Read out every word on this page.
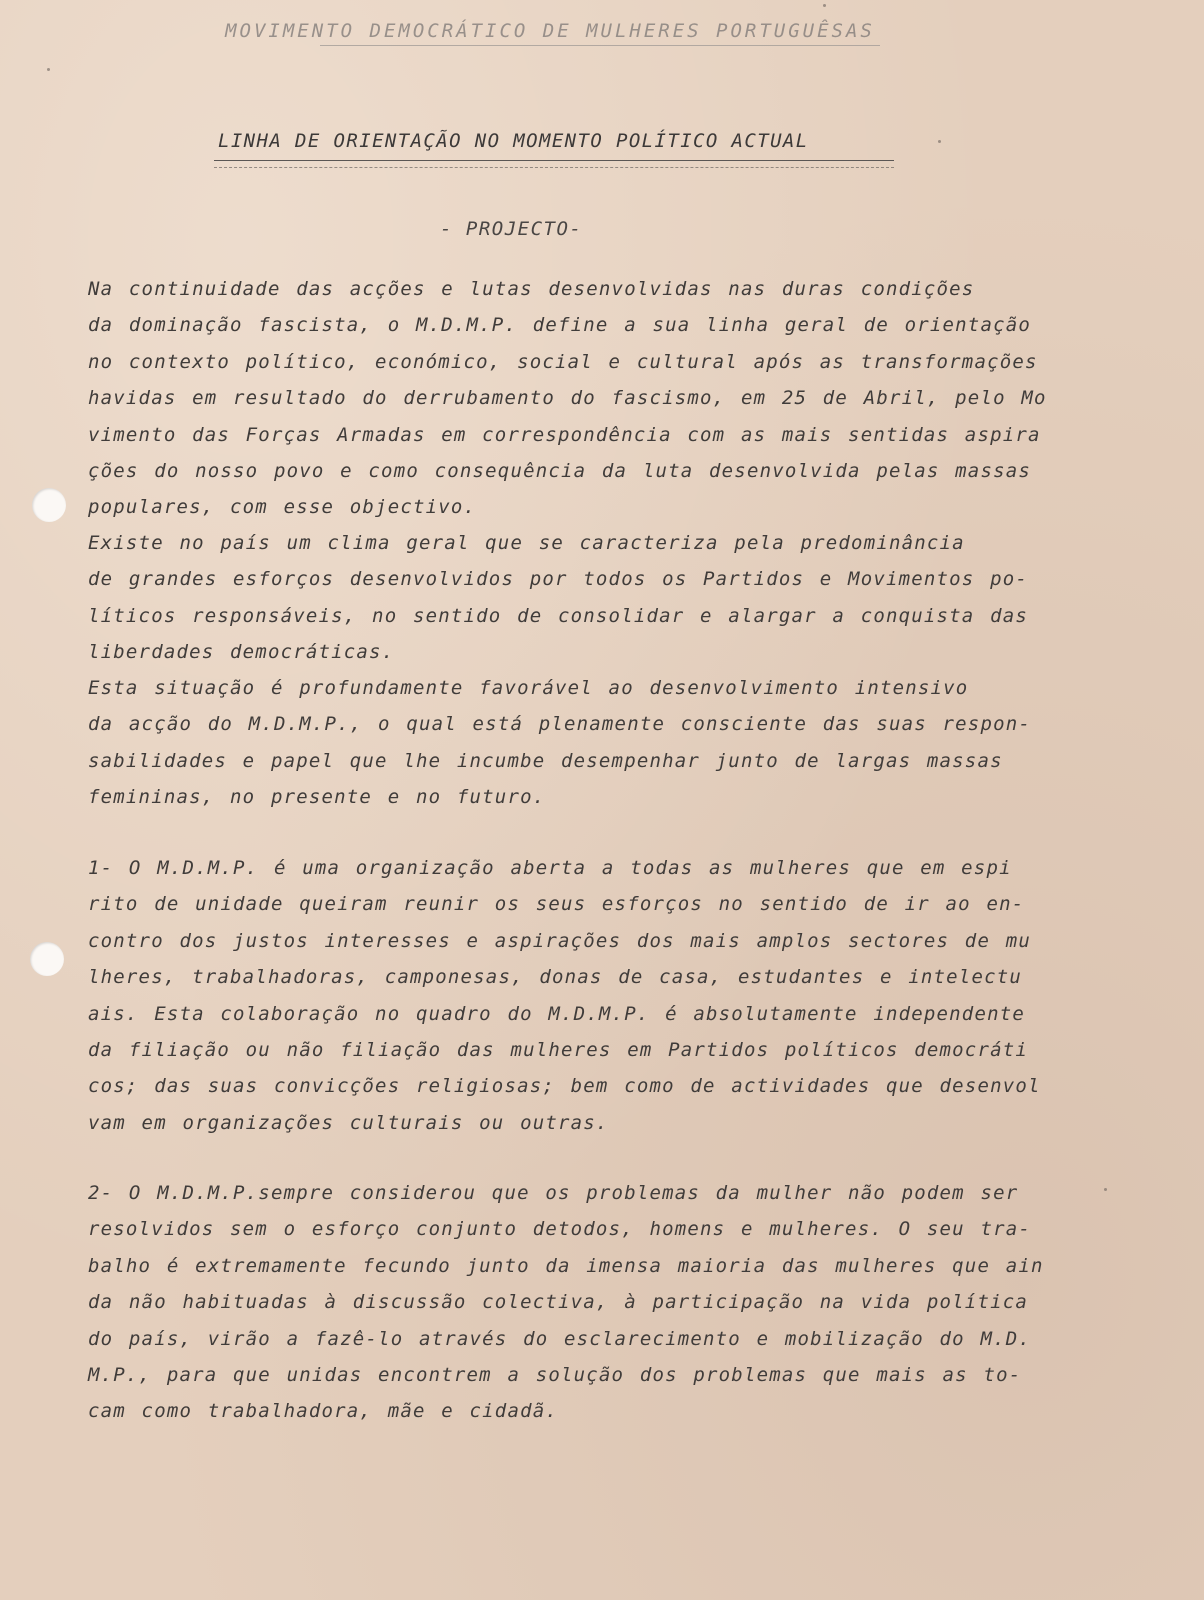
MOVIMENTO DEMOCRÁTICO DE MULHERES PORTUGUÊSAS
LINHA DE ORIENTAÇÃO NO MOMENTO POLÍTICO ACTUAL
- PROJECTO-
Na continuidade das acções e lutas desenvolvidas nas duras condições
da dominação fascista, o M.D.M.P. define a sua linha geral de orientação
no contexto político, económico, social e cultural após as transformações
havidas em resultado do derrubamento do fascismo, em 25 de Abril, pelo Mo
vimento das Forças Armadas em correspondência com as mais sentidas aspira
ções do nosso povo e como consequência da luta desenvolvida pelas massas
populares, com esse objectivo.
Existe no país um clima geral que se caracteriza pela predominância
de grandes esforços desenvolvidos por todos os Partidos e Movimentos po-
líticos responsáveis, no sentido de consolidar e alargar a conquista das
liberdades democráticas.
Esta situação é profundamente favorável ao desenvolvimento intensivo
da acção do M.D.M.P., o qual está plenamente consciente das suas respon-
sabilidades e papel que lhe incumbe desempenhar junto de largas massas
femininas, no presente e no futuro.
1- O M.D.M.P. é uma organização aberta a todas as mulheres que em espi
rito de unidade queiram reunir os seus esforços no sentido de ir ao en-
contro dos justos interesses e aspirações dos mais amplos sectores de mu
lheres, trabalhadoras, camponesas, donas de casa, estudantes e intelectu
ais. Esta colaboração no quadro do M.D.M.P. é absolutamente independente
da filiação ou não filiação das mulheres em Partidos políticos democráti
cos; das suas convicções religiosas; bem como de actividades que desenvol
vam em organizações culturais ou outras.
2- O M.D.M.P.sempre considerou que os problemas da mulher não podem ser
resolvidos sem o esforço conjunto detodos, homens e mulheres. O seu tra-
balho é extremamente fecundo junto da imensa maioria das mulheres que ain
da não habituadas à discussão colectiva, à participação na vida política
do país, virão a fazê-lo através do esclarecimento e mobilização do M.D.
M.P., para que unidas encontrem a solução dos problemas que mais as to-
cam como trabalhadora, mãe e cidadã.
